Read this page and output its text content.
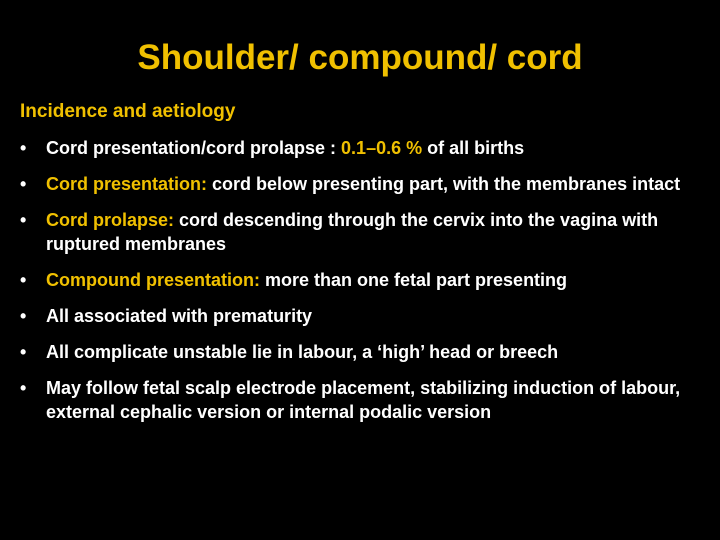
Shoulder/ compound/ cord
Incidence and aetiology
• Cord presentation/cord prolapse : 0.1–0.6 % of all births
• Cord presentation: cord below presenting part, with the membranes intact
• Cord prolapse: cord descending through the cervix into the vagina with ruptured membranes
• Compound presentation: more than one fetal part presenting
• All associated with prematurity
• All complicate unstable lie in labour, a ‘high’ head or breech
• May follow fetal scalp electrode placement, stabilizing induction of labour, external cephalic version or internal podalic version
